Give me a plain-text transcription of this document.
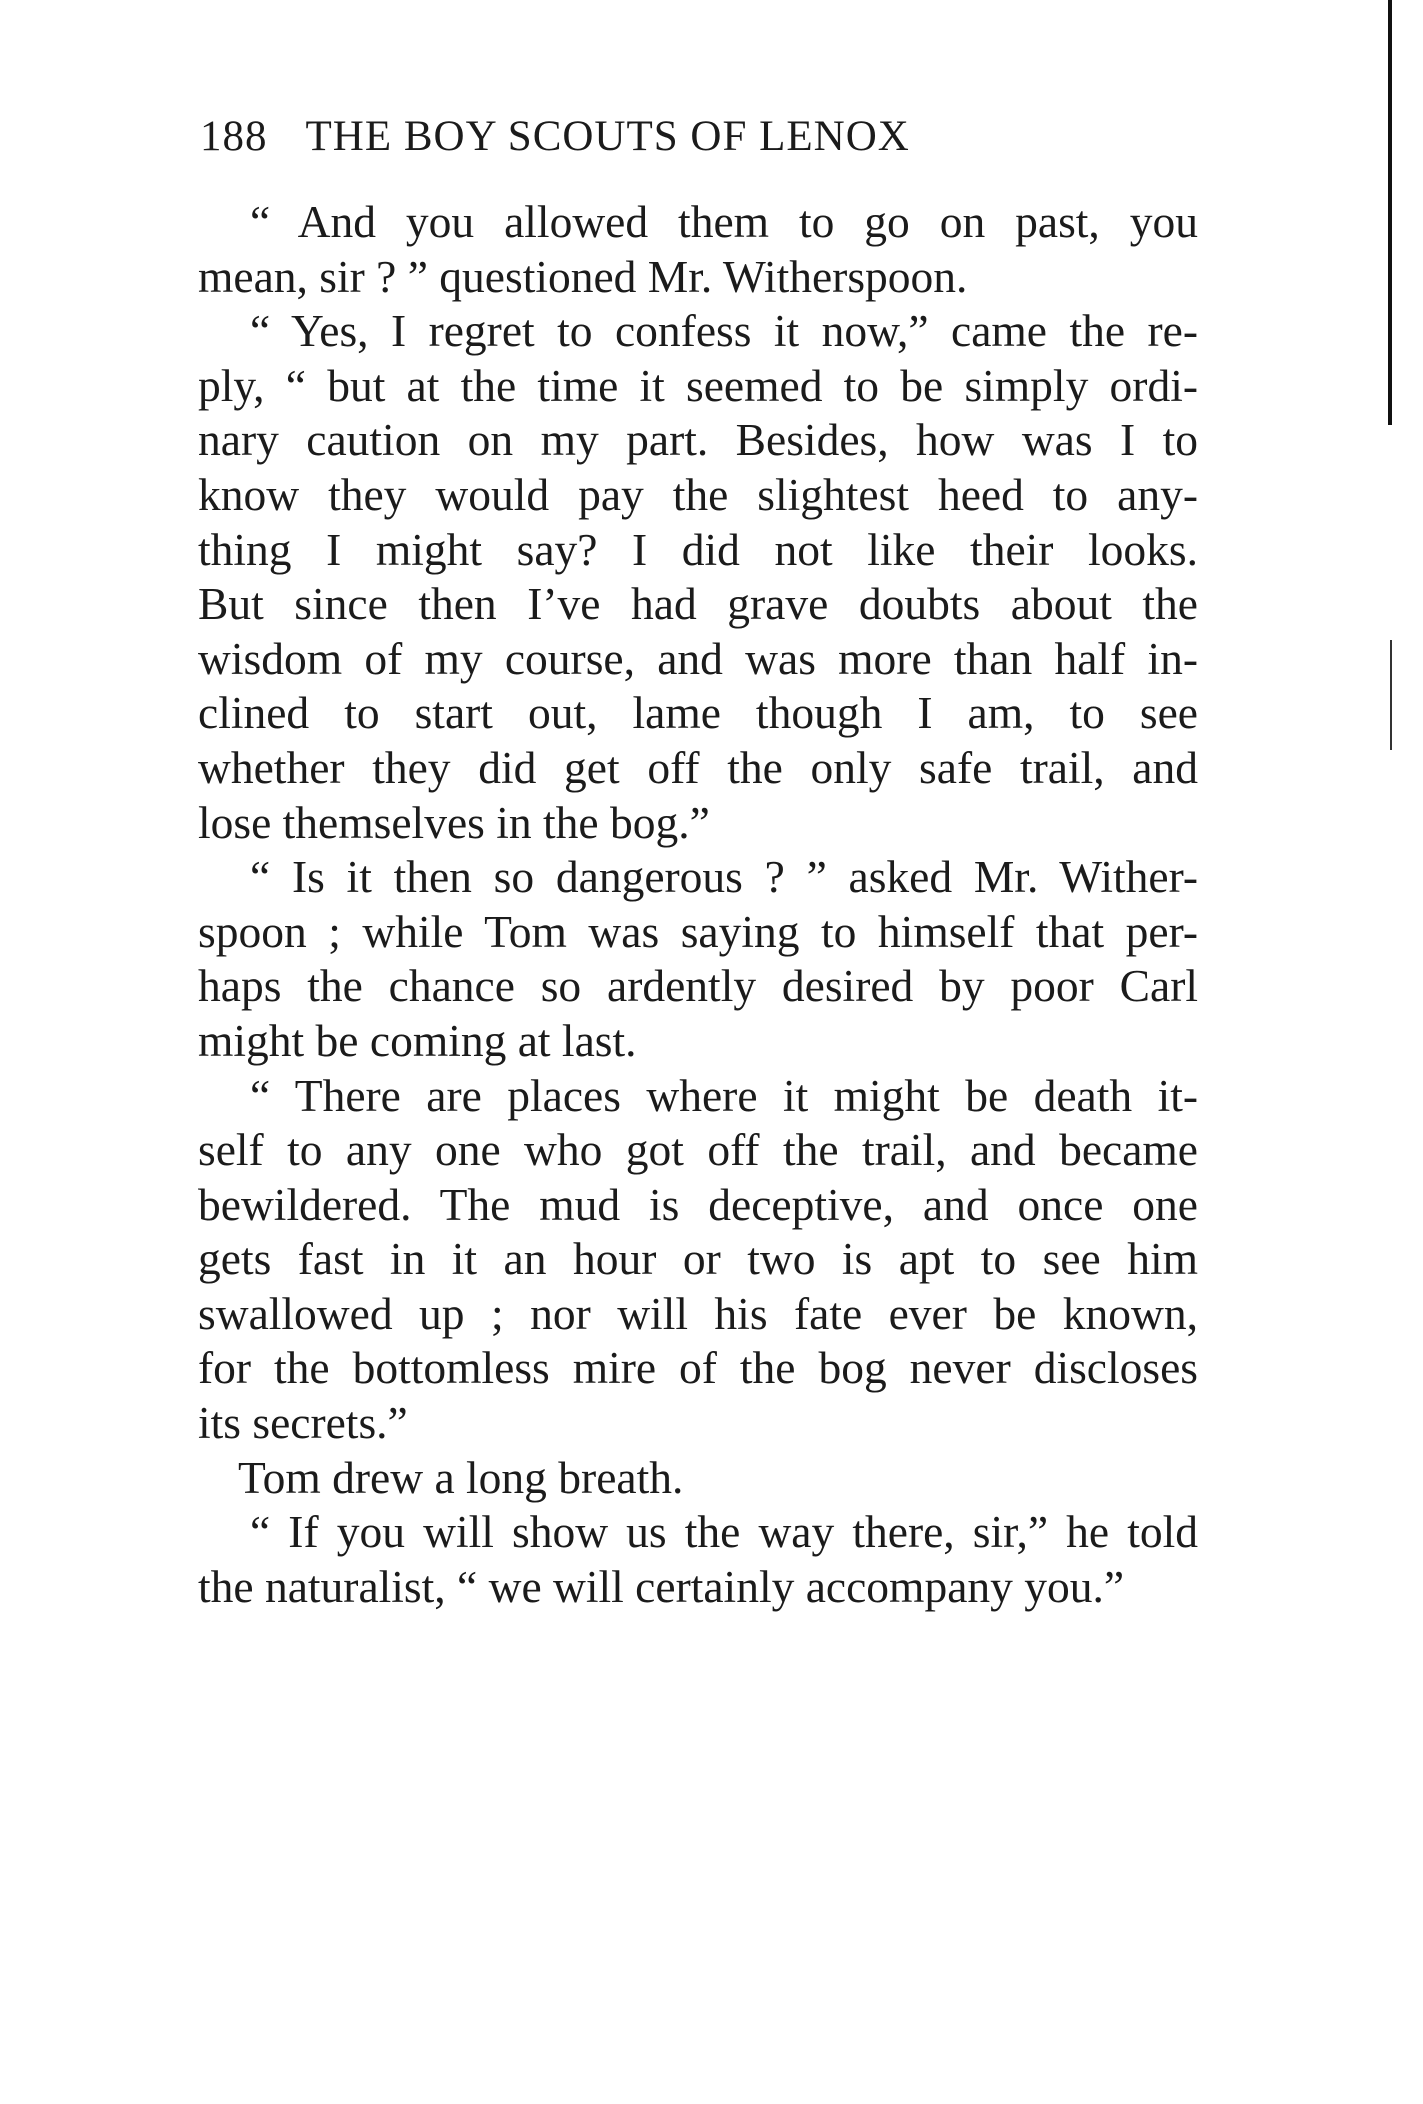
188 THE BOY SCOUTS OF LENOX
“ And you allowed them to go on past, you
mean, sir ? ” questioned Mr. Witherspoon.
“ Yes, I regret to confess it now,” came the re-
ply, “ but at the time it seemed to be simply ordi-
nary caution on my part. Besides, how was I to
know they would pay the slightest heed to any-
thing I might say? I did not like their looks.
But since then I’ve had grave doubts about the
wisdom of my course, and was more than half in-
clined to start out, lame though I am, to see
whether they did get off the only safe trail, and
lose themselves in the bog.”
“ Is it then so dangerous ? ” asked Mr. Wither-
spoon ; while Tom was saying to himself that per-
haps the chance so ardently desired by poor Carl
might be coming at last.
“ There are places where it might be death it-
self to any one who got off the trail, and became
bewildered. The mud is deceptive, and once one
gets fast in it an hour or two is apt to see him
swallowed up ; nor will his fate ever be known,
for the bottomless mire of the bog never discloses
its secrets.”
Tom drew a long breath.
“ If you will show us the way there, sir,” he told
the naturalist, “ we will certainly accompany you.”
